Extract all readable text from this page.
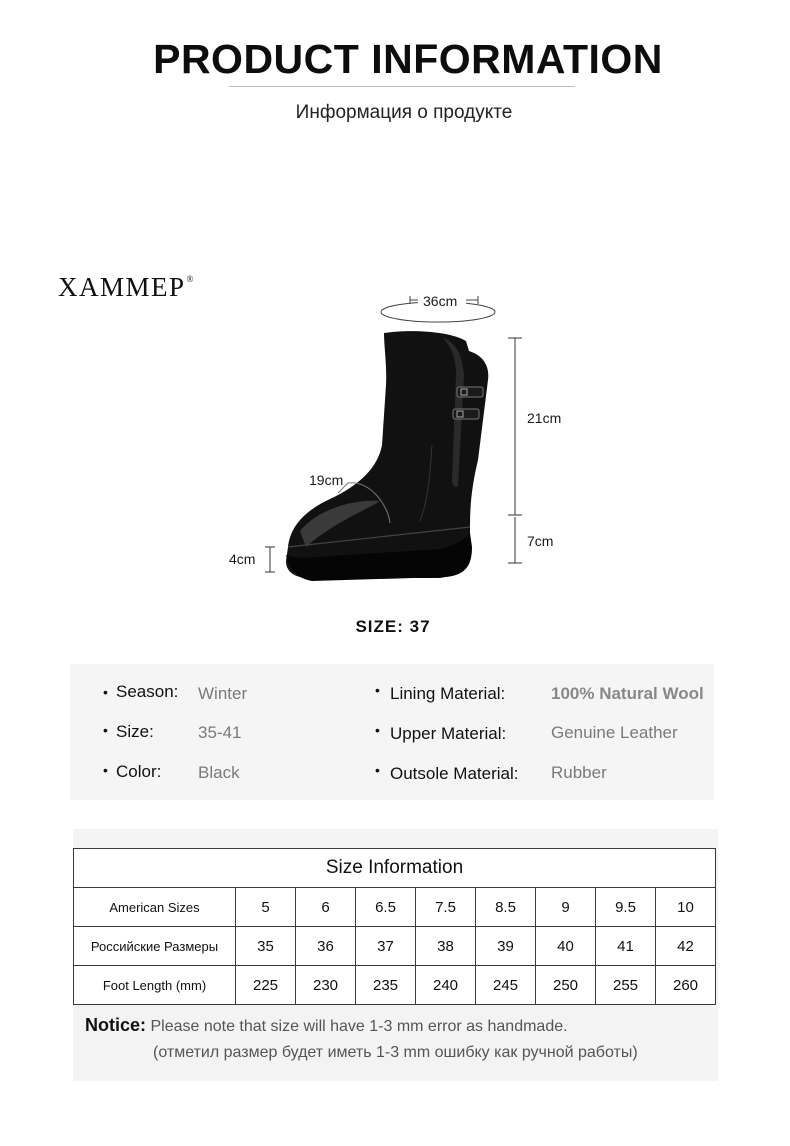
PRODUCT INFORMATION
Информация о продукте
XAMMEP®
36cm
21cm
19cm
7cm
4cm
SIZE: 37
• Season: Winter
• Size:	35-41
• Color: Black
• Lining Material:	100% Natural Wool
• Upper Material:	Genuine Leather
• Outsole Material: Rubber
Size Information								
American Sizes	5	6	6.5	7.5	8.5	9	9.5	10
Российские Размеры	35	36	37	38	39	40	41	42
Foot Length (mm)	225	230	235	240	245	250	255	260
Notice: Please note that size will have 1-3 mm error as handmade.
(отметил размер будет иметь 1-3 mm ошибку как ручной работы)
